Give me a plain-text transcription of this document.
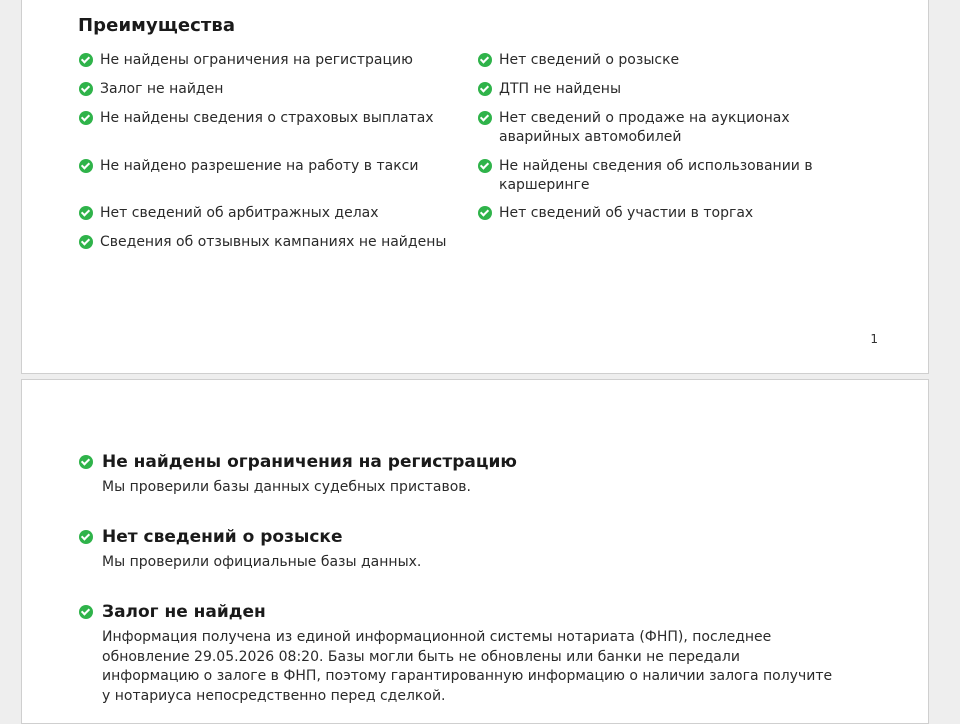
Преимущества
Не найдены ограничения на регистрацию	Нет сведений о розыске
Залог не найден	ДТП не найдены
Не найдены сведения о страховых выплатах	Нет сведений о продаже на аукционах аварийных автомобилей
Не найдено разрешение на работу в такси	Не найдены сведения об использовании в каршеринге
Нет сведений об арбитражных делах	Нет сведений об участии в торгах
Сведения об отзывных кампаниях не найдены
1
Не найдены ограничения на регистрацию

Мы проверили базы данных судебных приставов.

Нет сведений о розыске

Мы проверили официальные базы данных.

Залог не найден

Информация получена из единой информационной системы нотариата (ФНП), последнее обновление 29.05.2026 08:20. Базы могли быть не обновлены или банки не передали информацию о залоге в ФНП, поэтому гарантированную информацию о наличии залога получите у нотариуса непосредственно перед сделкой.
